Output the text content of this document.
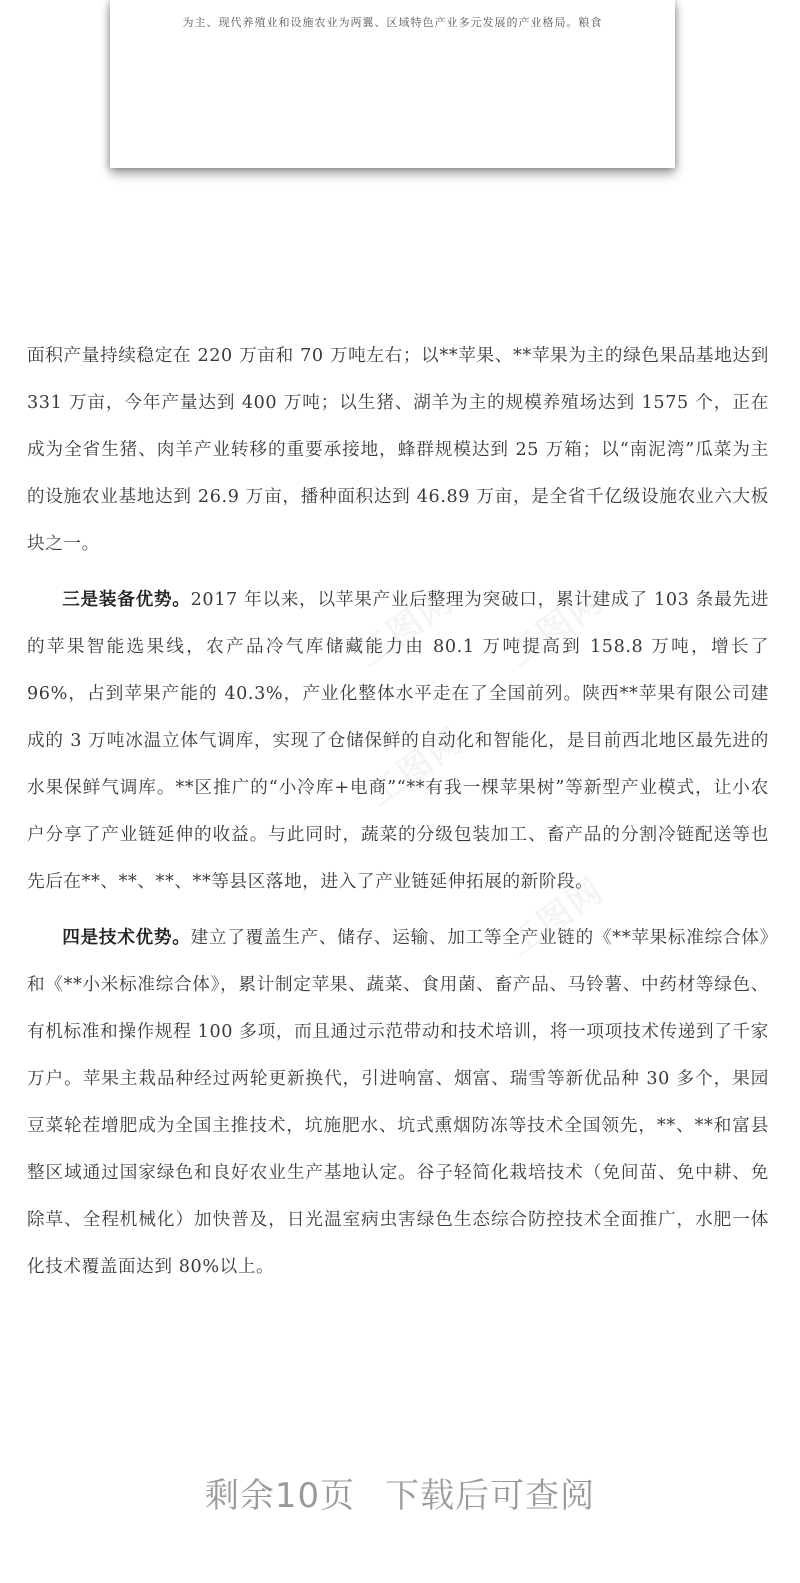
为主、现代养殖业和设施农业为两翼、区域特色产业多元发展的产业格局。粮食

面积产量持续稳定在 220 万亩和 70 万吨左右；以**苹果、**苹果为主的绿色果品基地达到 331 万亩，今年产量达到 400 万吨；以生猪、湖羊为主的规模养殖场达到 1575 个，正在成为全省生猪、肉羊产业转移的重要承接地，蜂群规模达到 25 万箱；以“南泥湾”瓜菜为主的设施农业基地达到 26.9 万亩，播种面积达到 46.89 万亩，是全省千亿级设施农业六大板块之一。

三是装备优势。2017 年以来，以苹果产业后整理为突破口，累计建成了 103 条最先进的苹果智能选果线，农产品冷气库储藏能力由 80.1 万吨提高到 158.8 万吨，增长了 96%，占到苹果产能的 40.3%，产业化整体水平走在了全国前列。陕西**苹果有限公司建成的 3 万吨冰温立体气调库，实现了仓储保鲜的自动化和智能化，是目前西北地区最先进的水果保鲜气调库。**区推广的“小冷库+电商”“**有我一棵苹果树”等新型产业模式，让小农户分享了产业链延伸的收益。与此同时，蔬菜的分级包装加工、畜产品的分割冷链配送等也先后在**、**、**、**等县区落地，进入了产业链延伸拓展的新阶段。

四是技术优势。建立了覆盖生产、储存、运输、加工等全产业链的《**苹果标准综合体》和《**小米标准综合体》，累计制定苹果、蔬菜、食用菌、畜产品、马铃薯、中药材等绿色、有机标准和操作规程 100 多项，而且通过示范带动和技术培训，将一项项技术传递到了千家万户。苹果主栽品种经过两轮更新换代，引进响富、烟富、瑞雪等新优品种 30 多个，果园豆菜轮茬增肥成为全国主推技术，坑施肥水、坑式熏烟防冻等技术全国领先，**、**和富县整区域通过国家绿色和良好农业生产基地认定。谷子轻简化栽培技术（免间苗、免中耕、免除草、全程机械化）加快普及，日光温室病虫害绿色生态综合防控技术全面推广，水肥一体化技术覆盖面达到 80%以上。

剩余10页 下载后可查阅
